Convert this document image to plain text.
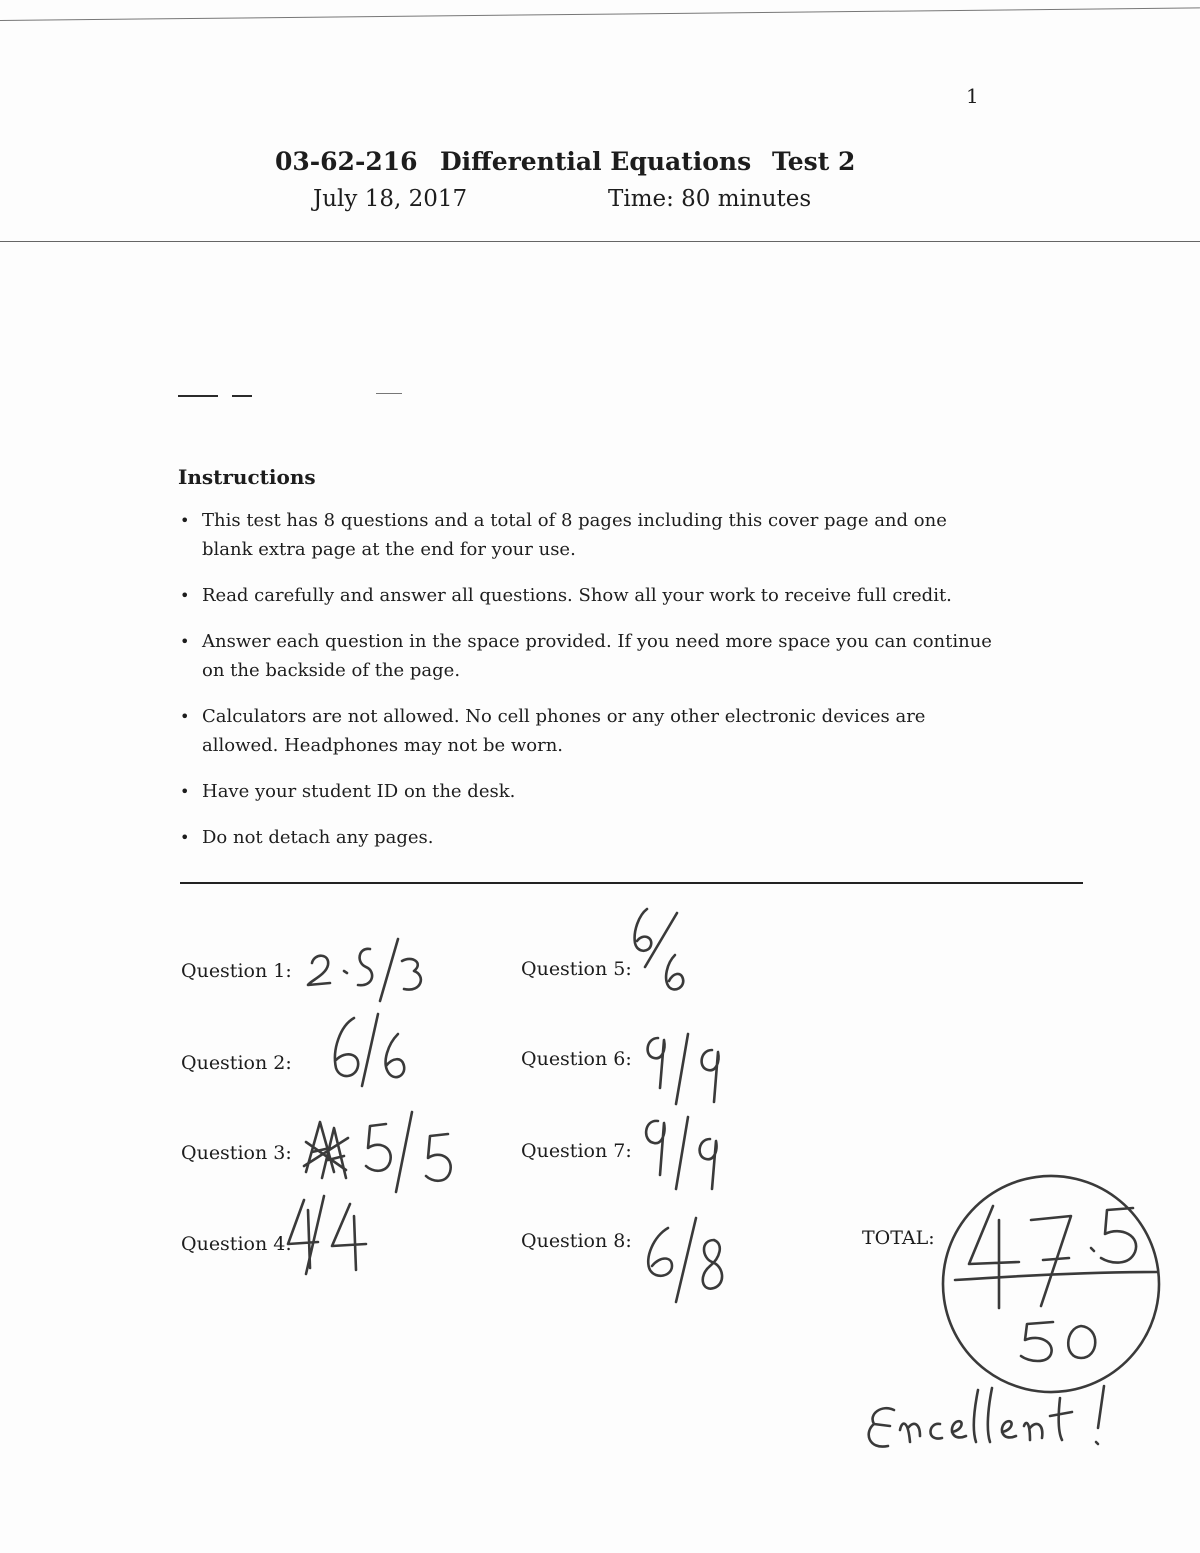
1
03-62-216 Differential Equations Test 2
July 18, 2017	Time: 80 minutes
Instructions
• This test has 8 questions and a total of 8 pages including this cover page and one blank extra page at the end for your use.
• Read carefully and answer all questions. Show all your work to receive full credit.
• Answer each question in the space provided. If you need more space you can continue on the backside of the page.
• Calculators are not allowed. No cell phones or any other electronic devices are allowed. Headphones may not be worn.
• Have your student ID on the desk.
• Do not detach any pages.
Question 1:
Question 2:
Question 3:
Question 4:
Question 5:
Question 6:
Question 7:
Question 8:	TOTAL:
